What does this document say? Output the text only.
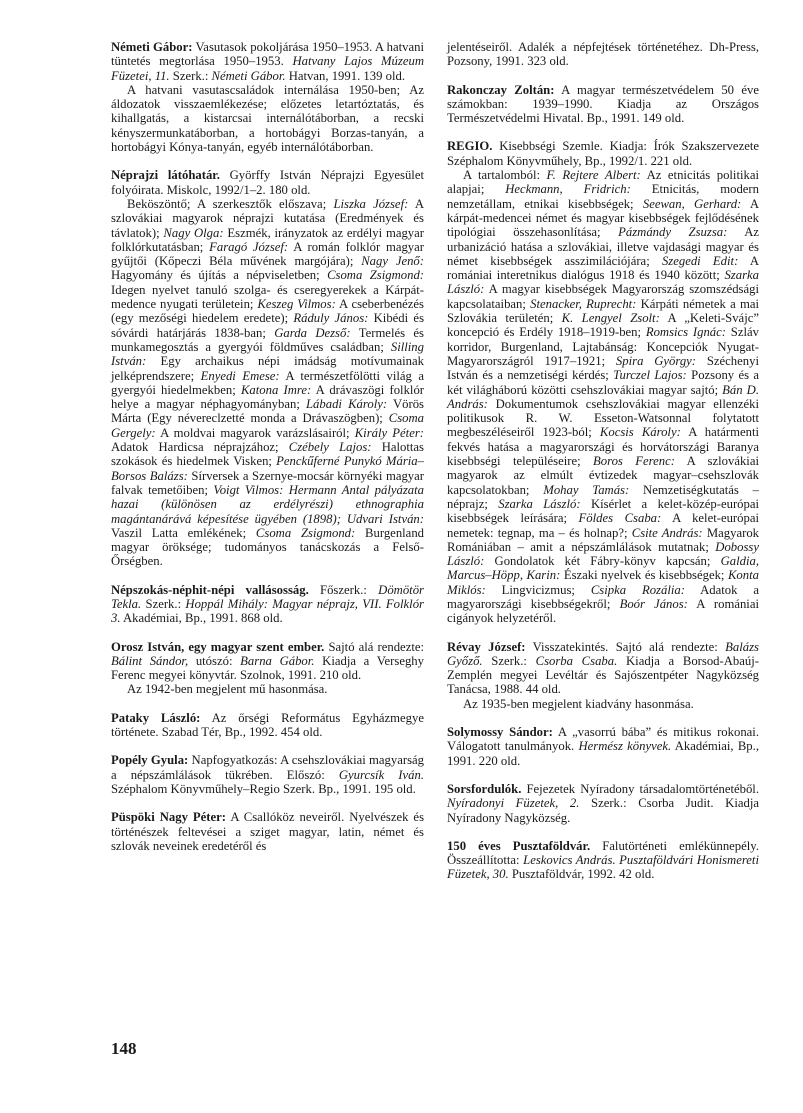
Németi Gábor: Vasutasok pokoljárása 1950–1953. A hatvani tüntetés megtorlása 1950–1953. Hatvany Lajos Múzeum Füzetei, 11. Szerk.: Németi Gábor. Hatvan, 1991. 139 old.

A hatvani vasutascsaládok internálása 1950-ben; Az áldozatok visszaemlékezése; előzetes letartóztatás, és kihallgatás, a kistarcsai internálótáborban, a recski kényszermunkatáborban, a hortobágyi Borzas-tanyán, a hortobágyi Kónya-tanyán, egyéb internálótáborban.

Néprajzi látóhatár. Györffy István Néprajzi Egyesület folyóirata. Miskolc, 1992/1–2. 180 old.

Beköszöntő; A szerkesztők előszava; Liszka József: A szlovákiai magyarok néprajzi kutatása (Eredmények és távlatok); Nagy Olga: Eszmék, irányzatok az erdélyi magyar folklórkutatásban; Faragó József: A román folklór magyar gyűjtői (Kőpeczi Béla művének margójára); Nagy Jenő: Hagyomány és újítás a népviseletben; Csoma Zsigmond: Idegen nyelvet tanuló szolga- és cseregyerekek a Kárpát-medence nyugati területein; Keszeg Vilmos: A cseberbenézés (egy mezőségi hiedelem eredete); Ráduly János: Kibédi és sóvárdi határjárás 1838-ban; Garda Dezső: Termelés és munkamegosztás a gyergyói földműves családban; Silling István: Egy archaikus népi imádság motívumainak jelképrendszere; Enyedi Emese: A természetfölötti világ a gyergyói hiedelmekben; Katona Imre: A drávaszögi folklór helye a magyar néphagyományban; Lábadi Károly: Vörös Márta (Egy névereclzetté monda a Drávaszögben); Csoma Gergely: A moldvai magyarok varázslásairól; Király Péter: Adatok Hardicsa néprajzához; Czébely Lajos: Halottas szokások és hiedelmek Visken; Penckűferné Punykó Mária–Borsos Balázs: Sírversek a Szernye-mocsár környéki magyar falvak temetőiben; Voigt Vilmos: Hermann Antal pályázata hazai (különösen az erdélyrészi) ethnographia magántanárává képesítése ügyében (1898); Udvari István: Vaszil Latta emlékének; Csoma Zsigmond: Burgenland magyar öröksége; tudományos tanácskozás a Felső-Őrségben.

Népszokás-néphit-népi vallásosság. Főszerk.: Dömötör Tekla. Szerk.: Hoppál Mihály: Magyar néprajz, VII. Folklór 3. Akadémiai, Bp., 1991. 868 old.

Orosz István, egy magyar szent ember. Sajtó alá rendezte: Bálint Sándor, utószó: Barna Gábor. Kiadja a Verseghy Ferenc megyei könyvtár. Szolnok, 1991. 210 old.

Az 1942-ben megjelent mű hasonmása.

Pataky László: Az őrségi Református Egyházmegye története. Szabad Tér, Bp., 1992. 454 old.

Popély Gyula: Napfogyatkozás: A csehszlovákiai magyarság a népszámlálások tükrében. Előszó: Gyurcsík Iván. Széphalom Könyvműhely–Regio Szerk. Bp., 1991. 195 old.

Püspöki Nagy Péter: A Csallóköz neveiről. Nyelvészek és történészek feltevései a sziget magyar, latin, német és szlovák neveinek eredetéről és

jelentéseiről. Adalék a népfejtések történetéhez. Dh-Press, Pozsony, 1991. 323 old.

Rakonczay Zoltán: A magyar természetvédelem 50 éve számokban: 1939–1990. Kiadja az Országos Természetvédelmi Hivatal. Bp., 1991. 149 old.

REGIO. Kisebbségi Szemle. Kiadja: Írók Szakszervezete Széphalom Könyvműhely, Bp., 1992/1. 221 old.

A tartalomból: F. Rejtere Albert: Az etnicitás politikai alapjai; Heckmann, Fridrich: Etnicitás, modern nemzetállam, etnikai kisebbségek; Seewan, Gerhard: A kárpát-medencei német és magyar kisebbségek fejlődésének tipológiai összehasonlítása; Pázmándy Zsuzsa: Az urbanizáció hatása a szlovákiai, illetve vajdasági magyar és német kisebbségek asszimilációjára; Szegedi Edit: A romániai interetnikus dialógus 1918 és 1940 között; Szarka László: A magyar kisebbségek Magyarország szomszédsági kapcsolataiban; Stenacker, Ruprecht: Kárpáti németek a mai Szlovákia területén; K. Lengyel Zsolt: A „Keleti-Svájc” koncepció és Erdély 1918–1919-ben; Romsics Ignác: Szláv korridor, Burgenland, Lajtabánság: Koncepciók Nyugat-Magyarországról 1917–1921; Spira György: Széchenyi István és a nemzetiségi kérdés; Turczel Lajos: Pozsony és a két világháború közötti csehszlovákiai magyar sajtó; Bán D. András: Dokumentumok csehszlovákiai magyar ellenzéki politikusok R. W. Esseton-Watsonnal folytatott megbeszéléseiről 1923-ból; Kocsis Károly: A határmenti fekvés hatása a magyarországi és horvátországi Baranya kisebbségi településeire; Boros Ferenc: A szlovákiai magyarok az elmúlt évtizedek magyar–csehszlovák kapcsolatokban; Mohay Tamás: Nemzetiségkutatás – néprajz; Szarka László: Kísérlet a kelet-közép-európai kisebbségek leírására; Földes Csaba: A kelet-európai nemetek: tegnap, ma – és holnap?; Csite András: Magyarok Romániában – amit a népszámlálások mutatnak; Dobossy László: Gondolatok két Fábry-könyv kapcsán; Galdia, Marcus–Höpp, Karin: Északi nyelvek és kisebbségek; Konta Miklós: Lingvicizmus; Csipka Rozália: Adatok a magyarországi kisebbségekről; Boór János: A romániai cigányok helyzetéről.

Révay József: Visszatekintés. Sajtó alá rendezte: Balázs Győző. Szerk.: Csorba Csaba. Kiadja a Borsod-Abaúj-Zemplén megyei Levéltár és Sajószentpéter Nagyközség Tanácsa, 1988. 44 old.

Az 1935-ben megjelent kiadvány hasonmása.

Solymossy Sándor: A „vasorrú bába” és mitikus rokonai. Válogatott tanulmányok. Hermész könyvek. Akadémiai, Bp., 1991. 220 old.

Sorsfordulók. Fejezetek Nyíradony társadalomtörténetéből. Nyíradonyi Füzetek, 2. Szerk.: Csorba Judit. Kiadja Nyíradony Nagyközség.

150 éves Pusztaföldvár. Falutörténeti emlékünnepély. Összeállította: Leskovics András. Pusztaföldvári Honismereti Füzetek, 30. Pusztaföldvár, 1992. 42 old.

148
